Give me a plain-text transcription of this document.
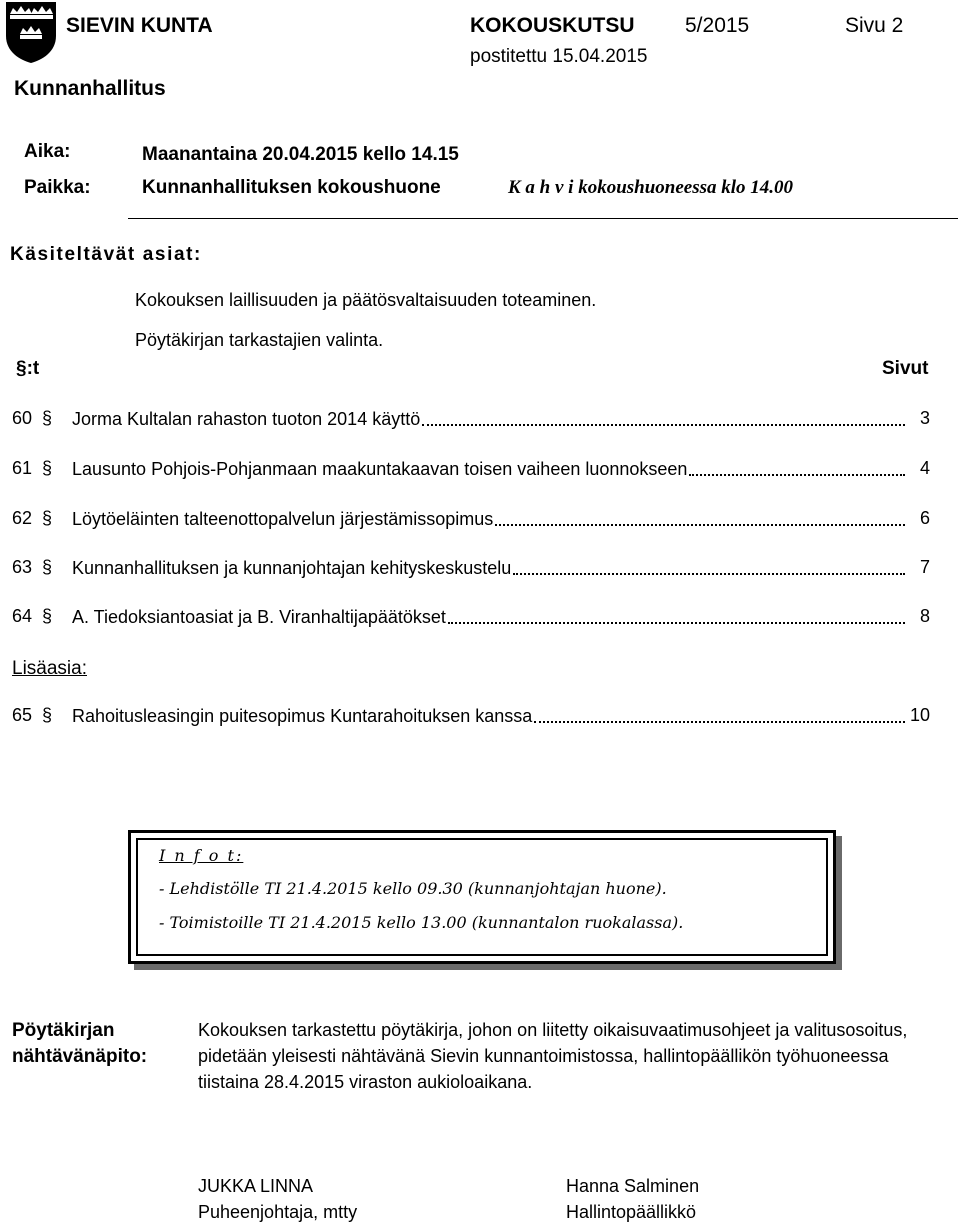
SIEVIN KUNTA	KOKOUSKUTSU 5/2015	Sivu 2
postitettu 15.04.2015
Kunnanhallitus
Aika:	Maanantaina 20.04.2015 kello 14.15
Paikka:	Kunnanhallituksen kokoushuone	K a h v i kokoushuoneessa klo 14.00
Käsiteltävät asiat:
Kokouksen laillisuuden ja päätösvaltaisuuden toteaminen.
Pöytäkirjan tarkastajien valinta.
§:t	Sivut
60 § Jorma Kultalan rahaston tuoton 2014 käyttö	3
61 § Lausunto Pohjois-Pohjanmaan maakuntakaavan toisen vaiheen luonnokseen	4
62 § Löytöeläinten talteenottopalvelun järjestämissopimus	6
63 § Kunnanhallituksen ja kunnanjohtajan kehityskeskustelu	7
64 § A. Tiedoksiantoasiat ja B. Viranhaltijapäätökset	8
Lisäasia:
65 § Rahoitusleasingin puitesopimus Kuntarahoituksen kanssa	10
I n f o t:
- Lehdistölle TI 21.4.2015 kello 09.30 (kunnanjohtajan huone).
- Toimistoille TI 21.4.2015 kello 13.00 (kunnantalon ruokalassa).
Pöytäkirjan
nähtävänäpito:
Kokouksen tarkastettu pöytäkirja, johon on liitetty oikaisuvaatimusohjeet ja valitusosoitus,
pidetään yleisesti nähtävänä Sievin kunnantoimistossa, hallintopäällikön työhuoneessa
tiistaina 28.4.2015 viraston aukioloaikana.
JUKKA LINNA
Puheenjohtaja, mtty
Hanna Salminen
Hallintopäällikkö
